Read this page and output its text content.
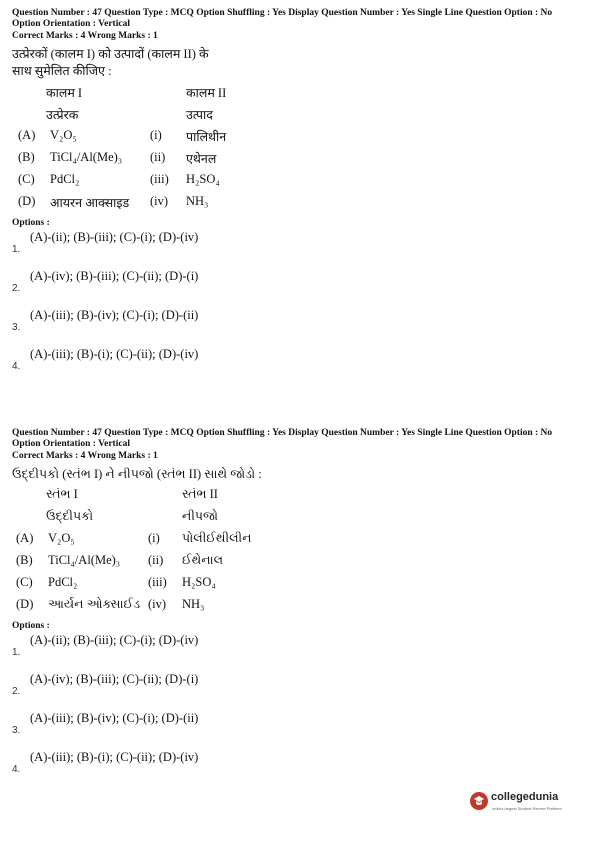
Question Number : 47 Question Type : MCQ Option Shuffling : Yes Display Question Number : Yes Single Line Question Option : No Option Orientation : Vertical
Correct Marks : 4 Wrong Marks : 1
उत्प्रेरकों (कालम I) को उत्पादों (कालम II) के
साथ सुमेलित कीजिए :
कालम I	कालम II
उत्प्रेरक	उत्पाद
(A) V₂O₅	(i) पालिथीन
(B) TiCl₄/Al(Me)₃ (ii) एथेनल
(C) PdCl₂	(iii) H₂SO₄
(D) आयरन आक्साइड (iv) NH₃
Options :
1.
(A)-(ii); (B)-(iii); (C)-(i); (D)-(iv)
2.
(A)-(iv); (B)-(iii); (C)-(ii); (D)-(i)
3.
(A)-(iii); (B)-(iv); (C)-(i); (D)-(ii)
4.
(A)-(iii); (B)-(i); (C)-(ii); (D)-(iv)
Question Number : 47 Question Type : MCQ Option Shuffling : Yes Display Question Number : Yes Single Line Question Option : No Option Orientation : Vertical
Correct Marks : 4 Wrong Marks : 1
ઉદ્દીપકો (સ્તંભ I) ને નીપજો (સ્તંભ II) સાથે જોડો :
સ્તંભ I	સ્તંભ II
ઉદ્દીપકો	નીપજો
(A) V₂O₅	(i) પોલીઈથીલીન
(B) TiCl₄/Al(Me)₃ (ii) ઈથેનાલ
(C) PdCl₂	(iii) H₂SO₄
(D) આર્યન ઓક્સાઈડ (iv) NH₃
Options :
1.
(A)-(ii); (B)-(iii); (C)-(i); (D)-(iv)
2.
(A)-(iv); (B)-(iii); (C)-(ii); (D)-(i)
3.
(A)-(iii); (B)-(iv); (C)-(i); (D)-(ii)
4.
(A)-(iii); (B)-(i); (C)-(ii); (D)-(iv)
collegedunia
India's largest Student Review Platform
